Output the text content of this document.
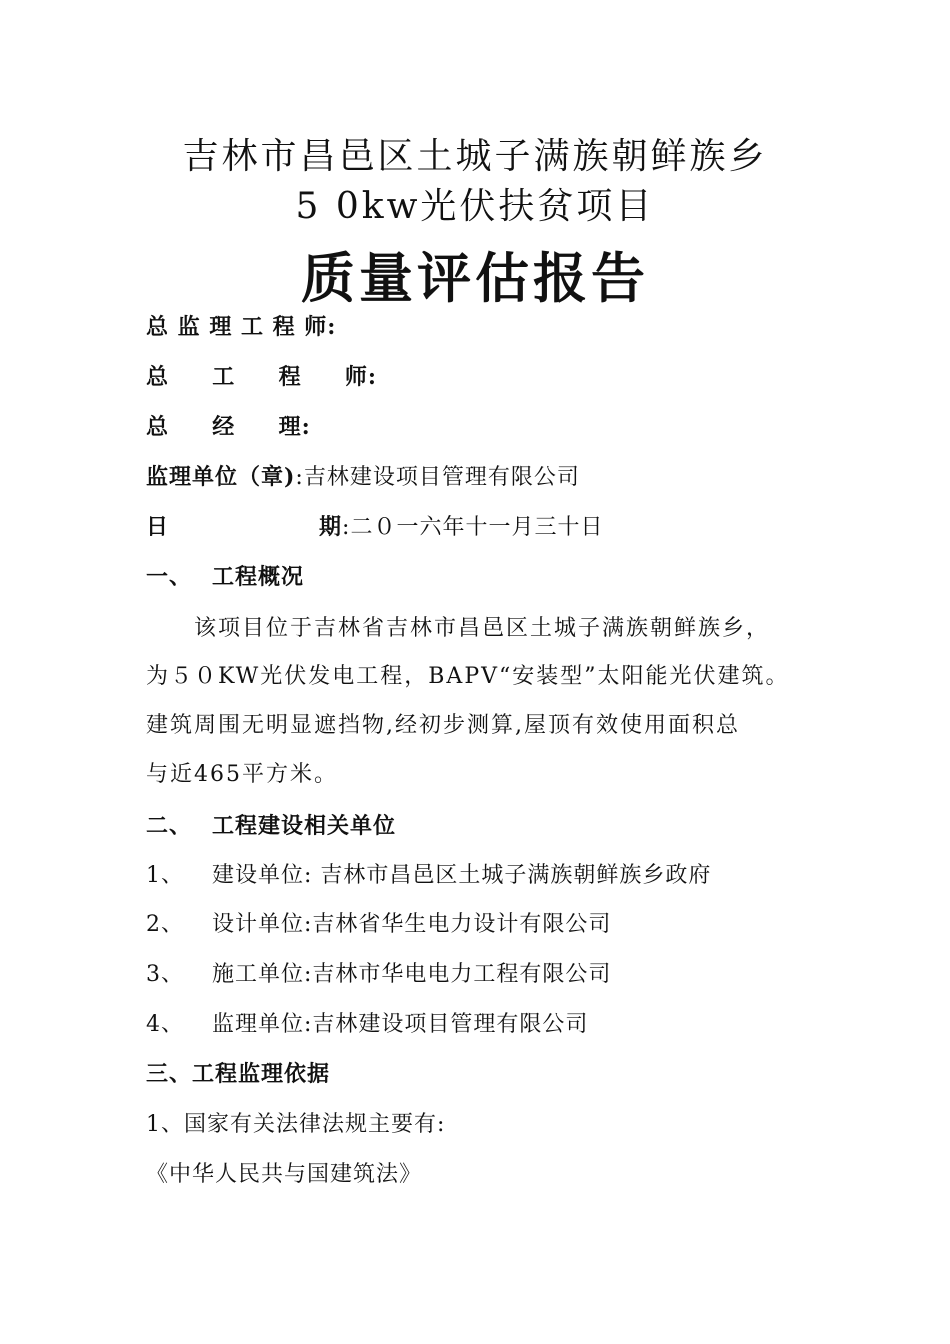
吉林市昌邑区土城子满族朝鲜族乡
5 0kw光伏扶贫项目
质量评估报告
总 监 理 工 程 师:
总     工     程     师:
总     经     理:
监理单位（章):吉林建设项目管理有限公司
日	期:二０一六年十一月三十日
一、 工程概况
该项目位于吉林省吉林市昌邑区土城子满族朝鲜族乡，
为５０KW光伏发电工程，BAPV“安装型”太阳能光伏建筑。
建筑周围无明显遮挡物,经初步测算,屋顶有效使用面积总
与近465平方米。
二、 工程建设相关单位
1、 建设单位: 吉林市昌邑区土城子满族朝鲜族乡政府
2、 设计单位:吉林省华生电力设计有限公司
3、 施工单位:吉林市华电电力工程有限公司
4、 监理单位:吉林建设项目管理有限公司
三、工程监理依据
1、国家有关法律法规主要有:
《中华人民共与国建筑法》
